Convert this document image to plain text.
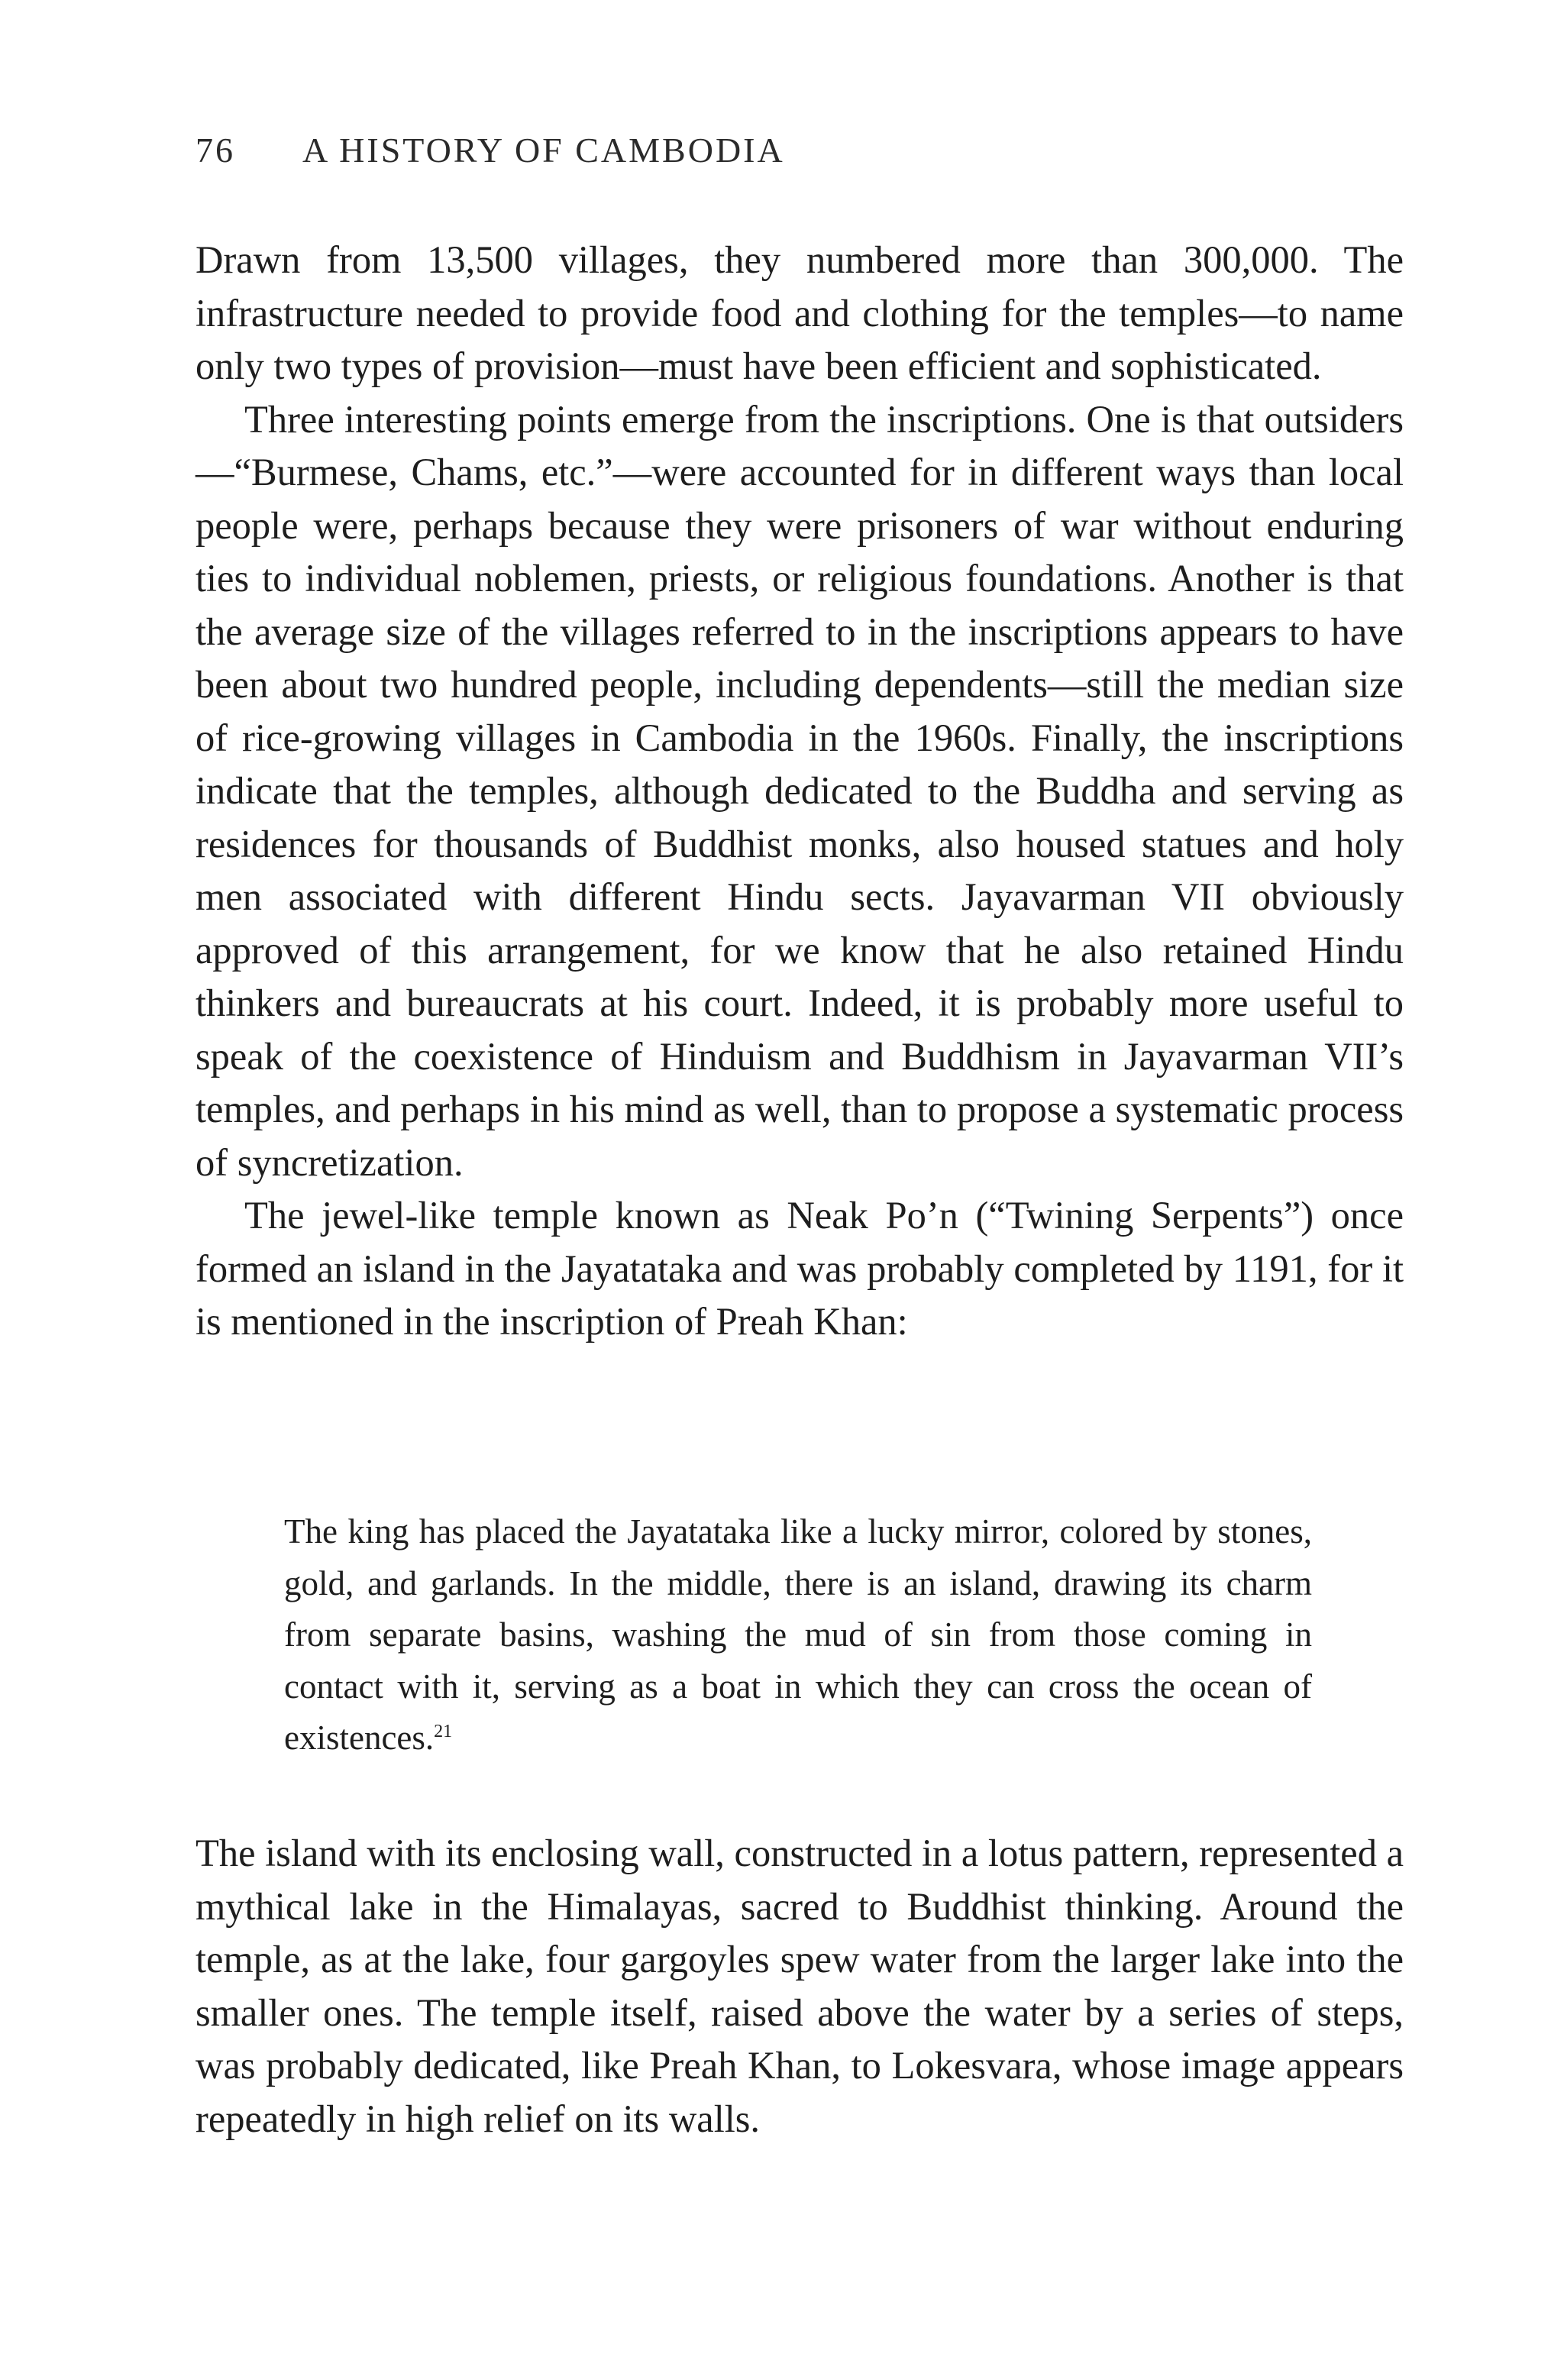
76 A HISTORY OF CAMBODIA

Drawn from 13,500 villages, they numbered more than 300,000. The infrastructure needed to provide food and clothing for the temples—to name only two types of provision—must have been efficient and sophisticated.

Three interesting points emerge from the inscriptions. One is that outsiders—“Burmese, Chams, etc.”—were accounted for in different ways than local people were, perhaps because they were prisoners of war without enduring ties to individual noblemen, priests, or religious foundations. Another is that the average size of the villages referred to in the inscriptions appears to have been about two hundred people, including dependents—still the median size of rice-growing villages in Cambodia in the 1960s. Finally, the inscriptions indicate that the temples, although dedicated to the Buddha and serving as residences for thousands of Buddhist monks, also housed statues and holy men associated with different Hindu sects. Jayavarman VII obviously approved of this arrangement, for we know that he also retained Hindu thinkers and bureaucrats at his court. Indeed, it is probably more useful to speak of the coexistence of Hinduism and Buddhism in Jayavarman VII’s temples, and perhaps in his mind as well, than to propose a systematic process of syncretization.

The jewel-like temple known as Neak Po’n (“Twining Serpents”) once formed an island in the Jayatataka and was probably completed by 1191, for it is mentioned in the inscription of Preah Khan:

The king has placed the Jayatataka like a lucky mirror, colored by stones, gold, and garlands. In the middle, there is an island, drawing its charm from separate basins, washing the mud of sin from those coming in contact with it, serving as a boat in which they can cross the ocean of existences.$^{21}$

The island with its enclosing wall, constructed in a lotus pattern, represented a mythical lake in the Himalayas, sacred to Buddhist thinking. Around the temple, as at the lake, four gargoyles spew water from the larger lake into the smaller ones. The temple itself, raised above the water by a series of steps, was probably dedicated, like Preah Khan, to Lokesvara, whose image appears repeatedly in high relief on its walls.
